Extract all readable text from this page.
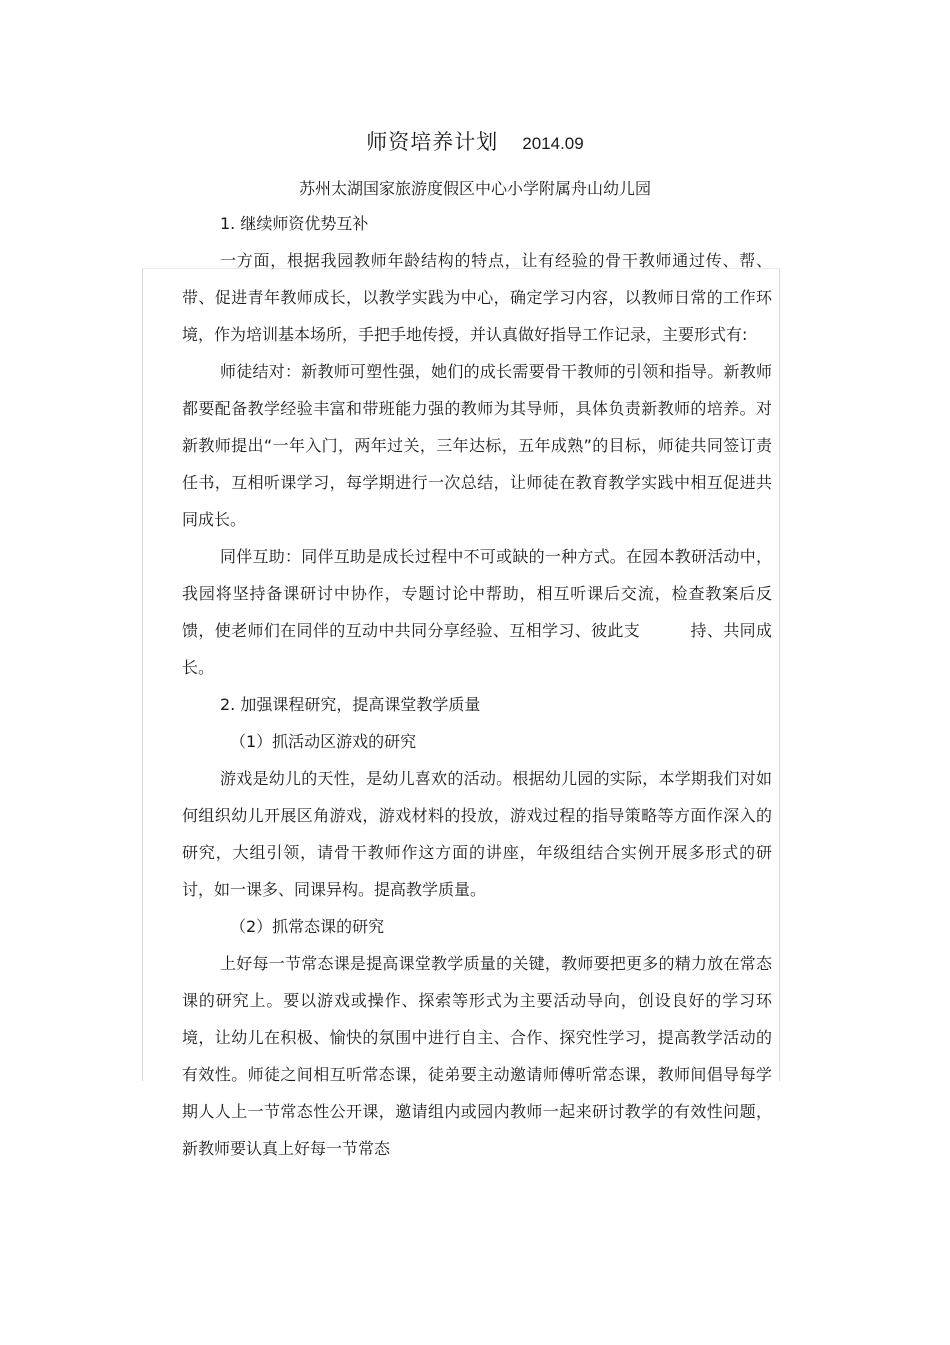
师资培养计划 2014.09
苏州太湖国家旅游度假区中心小学附属舟山幼儿园

1. 继续师资优势互补

一方面，根据我园教师年龄结构的特点，让有经验的骨干教师通过传、帮、带、促进青年教师成长，以教学实践为中心，确定学习内容，以教师日常的工作环境，作为培训基本场所，手把手地传授，并认真做好指导工作记录，主要形式有:

师徒结对：新教师可塑性强，她们的成长需要骨干教师的引领和指导。新教师都要配备教学经验丰富和带班能力强的教师为其导师，具体负责新教师的培养。对新教师提出“一年入门，两年过关，三年达标，五年成熟”的目标，师徒共同签订责任书，互相听课学习，每学期进行一次总结，让师徒在教育教学实践中相互促进共同成长。

同伴互助：同伴互助是成长过程中不可或缺的一种方式。在园本教研活动中，我园将坚持备课研讨中协作，专题讨论中帮助，相互听课后交流，检查教案后反馈，使老师们在同伴的互动中共同分享经验、互相学习、彼此支	持、共同成长。

2. 加强课程研究，提高课堂教学质量

（1）抓活动区游戏的研究

游戏是幼儿的天性，是幼儿喜欢的活动。根据幼儿园的实际，本学期我们对如何组织幼儿开展区角游戏，游戏材料的投放，游戏过程的指导策略等方面作深入的研究，大组引领，请骨干教师作这方面的讲座，年级组结合实例开展多形式的研讨，如一课多、同课异构。提高教学质量。

（2）抓常态课的研究

上好每一节常态课是提高课堂教学质量的关键，教师要把更多的精力放在常态课的研究上。要以游戏或操作、探索等形式为主要活动导向，创设良好的学习环境，让幼儿在积极、愉快的氛围中进行自主、合作、探究性学习，提高教学活动的有效性。师徒之间相互听常态课，徒弟要主动邀请师傅听常态课，教师间倡导每学期人人上一节常态性公开课，邀请组内或园内教师一起来研讨教学的有效性问题，新教师要认真上好每一节常态
